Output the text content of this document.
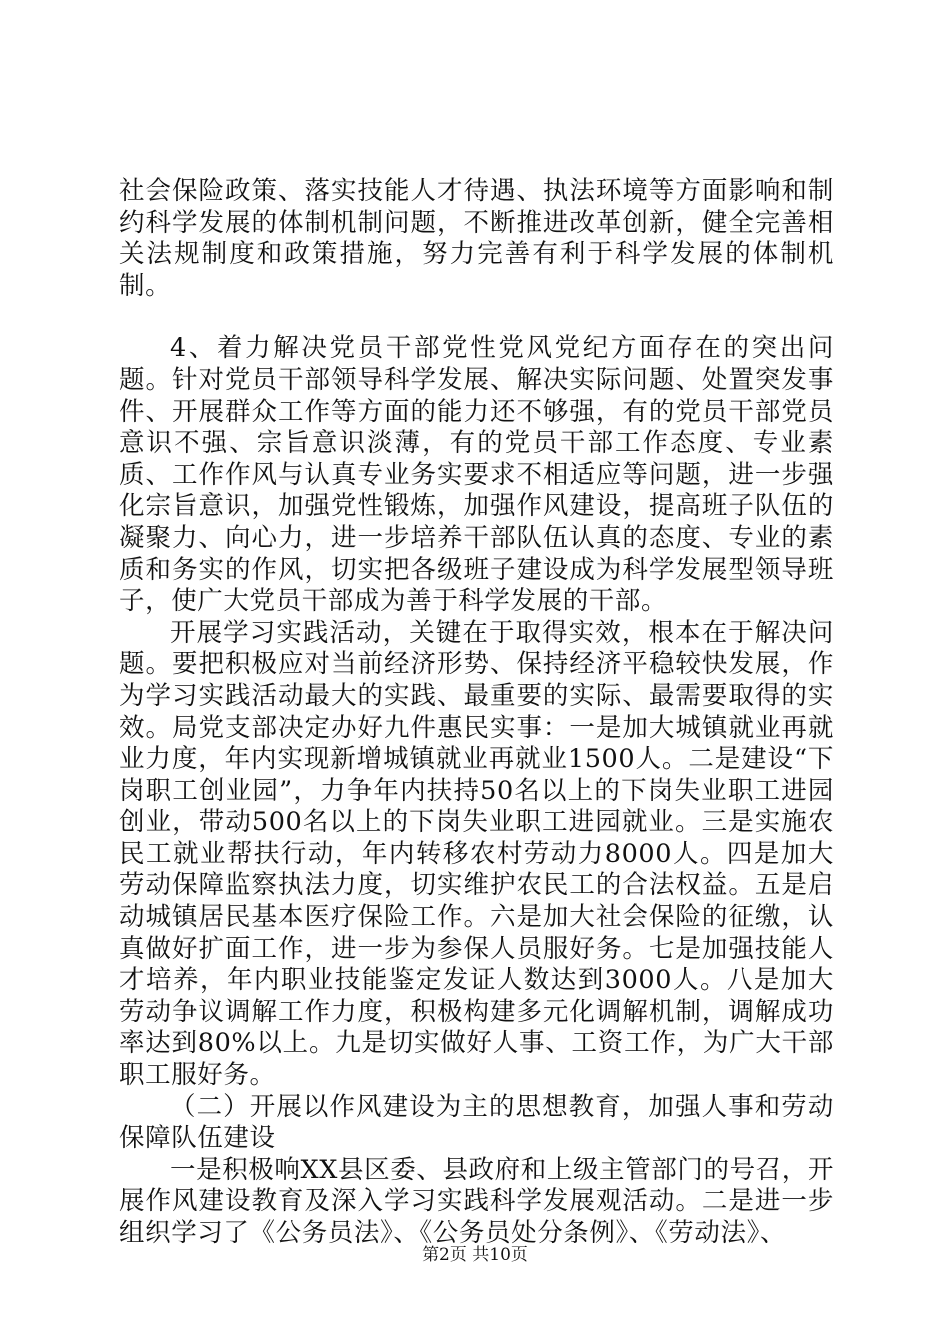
社会保险政策、落实技能人才待遇、执法环境等方面影响和制约科学发展的体制机制问题，不断推进改革创新，健全完善相关法规制度和政策措施，努力完善有利于科学发展的体制机制。

4、着力解决党员干部党性党风党纪方面存在的突出问题。针对党员干部领导科学发展、解决实际问题、处置突发事件、开展群众工作等方面的能力还不够强，有的党员干部党员意识不强、宗旨意识淡薄，有的党员干部工作态度、专业素质、工作作风与认真专业务实要求不相适应等问题，进一步强化宗旨意识，加强党性锻炼，加强作风建设，提高班子队伍的凝聚力、向心力，进一步培养干部队伍认真的态度、专业的素质和务实的作风，切实把各级班子建设成为科学发展型领导班子，使广大党员干部成为善于科学发展的干部。

开展学习实践活动，关键在于取得实效，根本在于解决问题。要把积极应对当前经济形势、保持经济平稳较快发展，作为学习实践活动最大的实践、最重要的实际、最需要取得的实效。局党支部决定办好九件惠民实事：一是加大城镇就业再就业力度，年内实现新增城镇就业再就业1500人。二是建设“下岗职工创业园”，力争年内扶持50名以上的下岗失业职工进园创业，带动500名以上的下岗失业职工进园就业。三是实施农民工就业帮扶行动，年内转移农村劳动力8000人。四是加大劳动保障监察执法力度，切实维护农民工的合法权益。五是启动城镇居民基本医疗保险工作。六是加大社会保险的征缴，认真做好扩面工作，进一步为参保人员服好务。七是加强技能人才培养，年内职业技能鉴定发证人数达到3000人。八是加大劳动争议调解工作力度，积极构建多元化调解机制，调解成功率达到80%以上。九是切实做好人事、工资工作，为广大干部职工服好务。

（二）开展以作风建设为主的思想教育，加强人事和劳动保障队伍建设

一是积极响XX县区委、县政府和上级主管部门的号召，开展作风建设教育及深入学习实践科学发展观活动。二是进一步组织学习了《公务员法》、《公务员处分条例》、《劳动法》、

第2页 共10页
